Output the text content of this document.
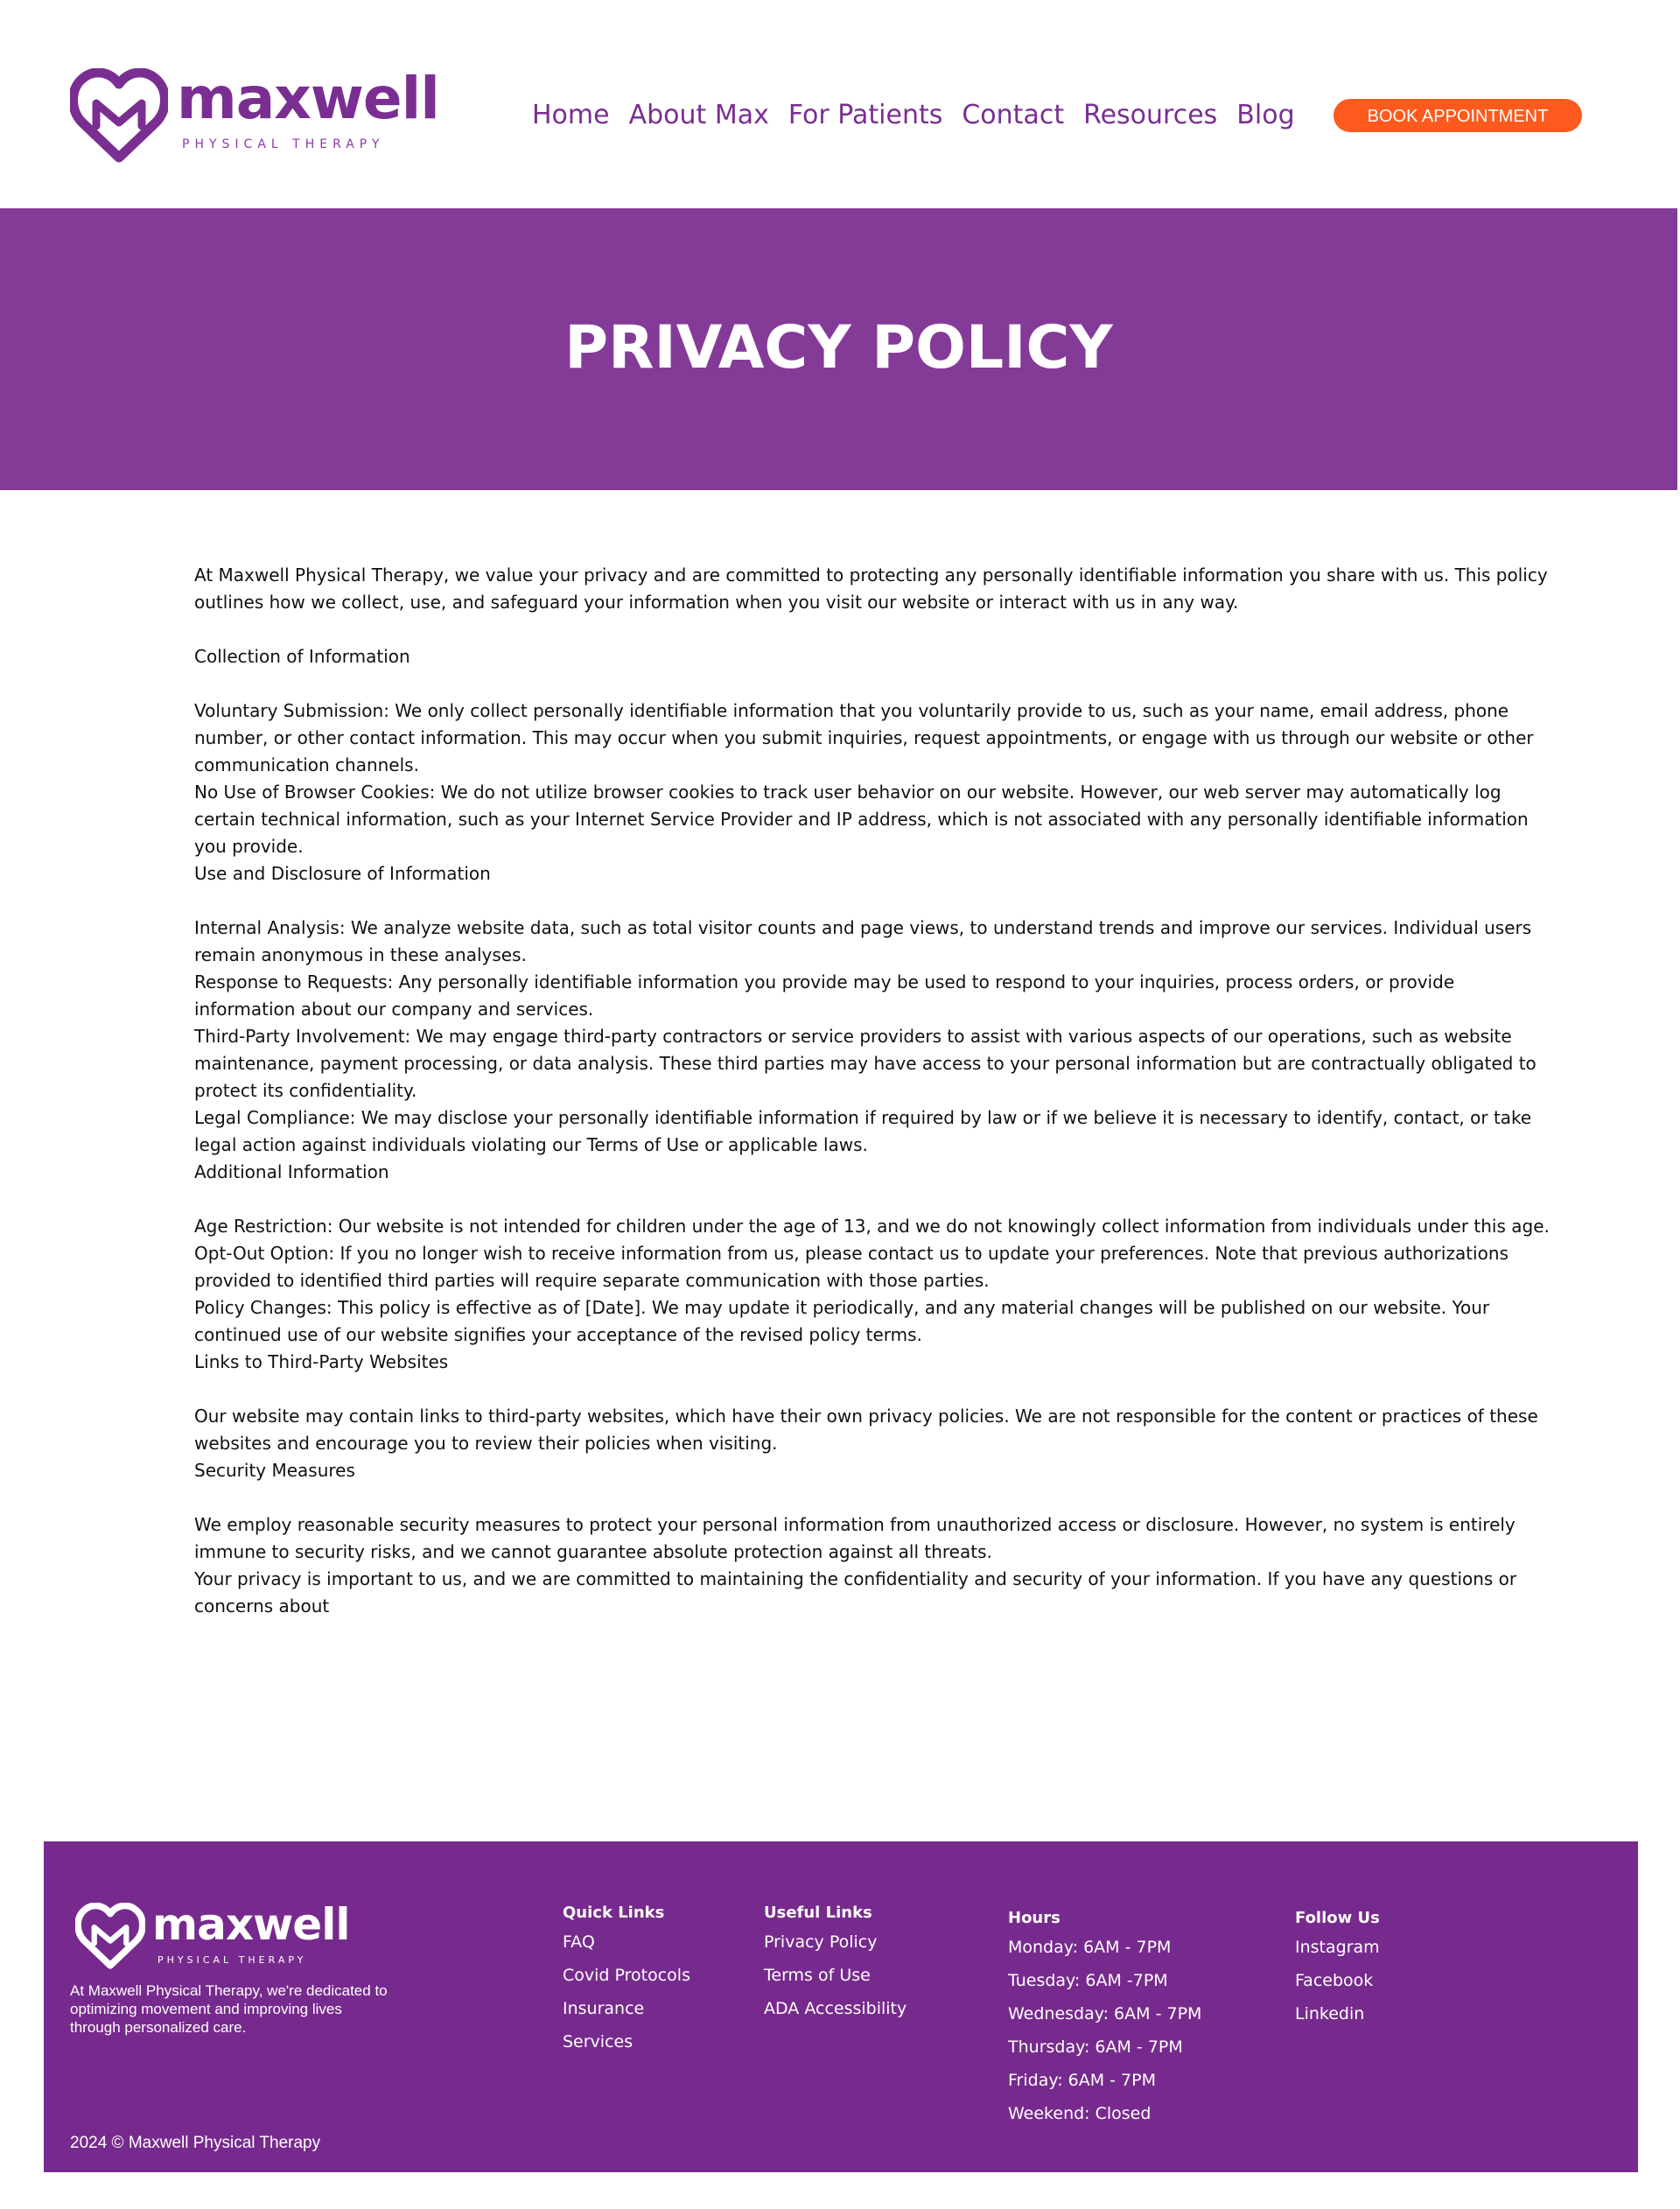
maxwell
PHYSICAL THERAPY
Home About Max For Patients Contact Resources Blog	BOOK APPOINTMENT
PRIVACY POLICY

At Maxwell Physical Therapy, we value your privacy and are committed to protecting any personally identifiable information you share with us. This policy outlines how we collect, use, and safeguard your information when you visit our website or interact with us in any way.

Collection of Information

Voluntary Submission: We only collect personally identifiable information that you voluntarily provide to us, such as your name, email address, phone number, or other contact information. This may occur when you submit inquiries, request appointments, or engage with us through our website or other communication channels.

No Use of Browser Cookies: We do not utilize browser cookies to track user behavior on our website. However, our web server may automatically log certain technical information, such as your Internet Service Provider and IP address, which is not associated with any personally identifiable information you provide.

Use and Disclosure of Information

Internal Analysis: We analyze website data, such as total visitor counts and page views, to understand trends and improve our services. Individual users remain anonymous in these analyses.

Response to Requests: Any personally identifiable information you provide may be used to respond to your inquiries, process orders, or provide information about our company and services.

Third-Party Involvement: We may engage third-party contractors or service providers to assist with various aspects of our operations, such as website maintenance, payment processing, or data analysis. These third parties may have access to your personal information but are contractually obligated to protect its confidentiality.

Legal Compliance: We may disclose your personally identifiable information if required by law or if we believe it is necessary to identify, contact, or take legal action against individuals violating our Terms of Use or applicable laws.

Additional Information

Age Restriction: Our website is not intended for children under the age of 13, and we do not knowingly collect information from individuals under this age.

Opt-Out Option: If you no longer wish to receive information from us, please contact us to update your preferences. Note that previous authorizations provided to identified third parties will require separate communication with those parties.

Policy Changes: This policy is effective as of [Date]. We may update it periodically, and any material changes will be published on our website. Your continued use of our website signifies your acceptance of the revised policy terms.

Links to Third-Party Websites

Our website may contain links to third-party websites, which have their own privacy policies. We are not responsible for the content or practices of these websites and encourage you to review their policies when visiting.

Security Measures

We employ reasonable security measures to protect your personal information from unauthorized access or disclosure. However, no system is entirely immune to security risks, and we cannot guarantee absolute protection against all threats.

Your privacy is important to us, and we are committed to maintaining the confidentiality and security of your information. If you have any questions or concerns about

maxwell
PHYSICAL THERAPY

At Maxwell Physical Therapy, we're dedicated to optimizing movement and improving lives through personalized care.

2024 © Maxwell Physical Therapy

Quick Links

FAQ
Covid Protocols
Insurance
Services

Useful Links

Privacy Policy
Terms of Use
ADA Accessibility

Hours

Monday: 6AM - 7PM
Tuesday: 6AM -7PM
Wednesday: 6AM - 7PM
Thursday: 6AM - 7PM
Friday: 6AM - 7PM
Weekend: Closed

Follow Us

Instagram
Facebook
Linkedin
